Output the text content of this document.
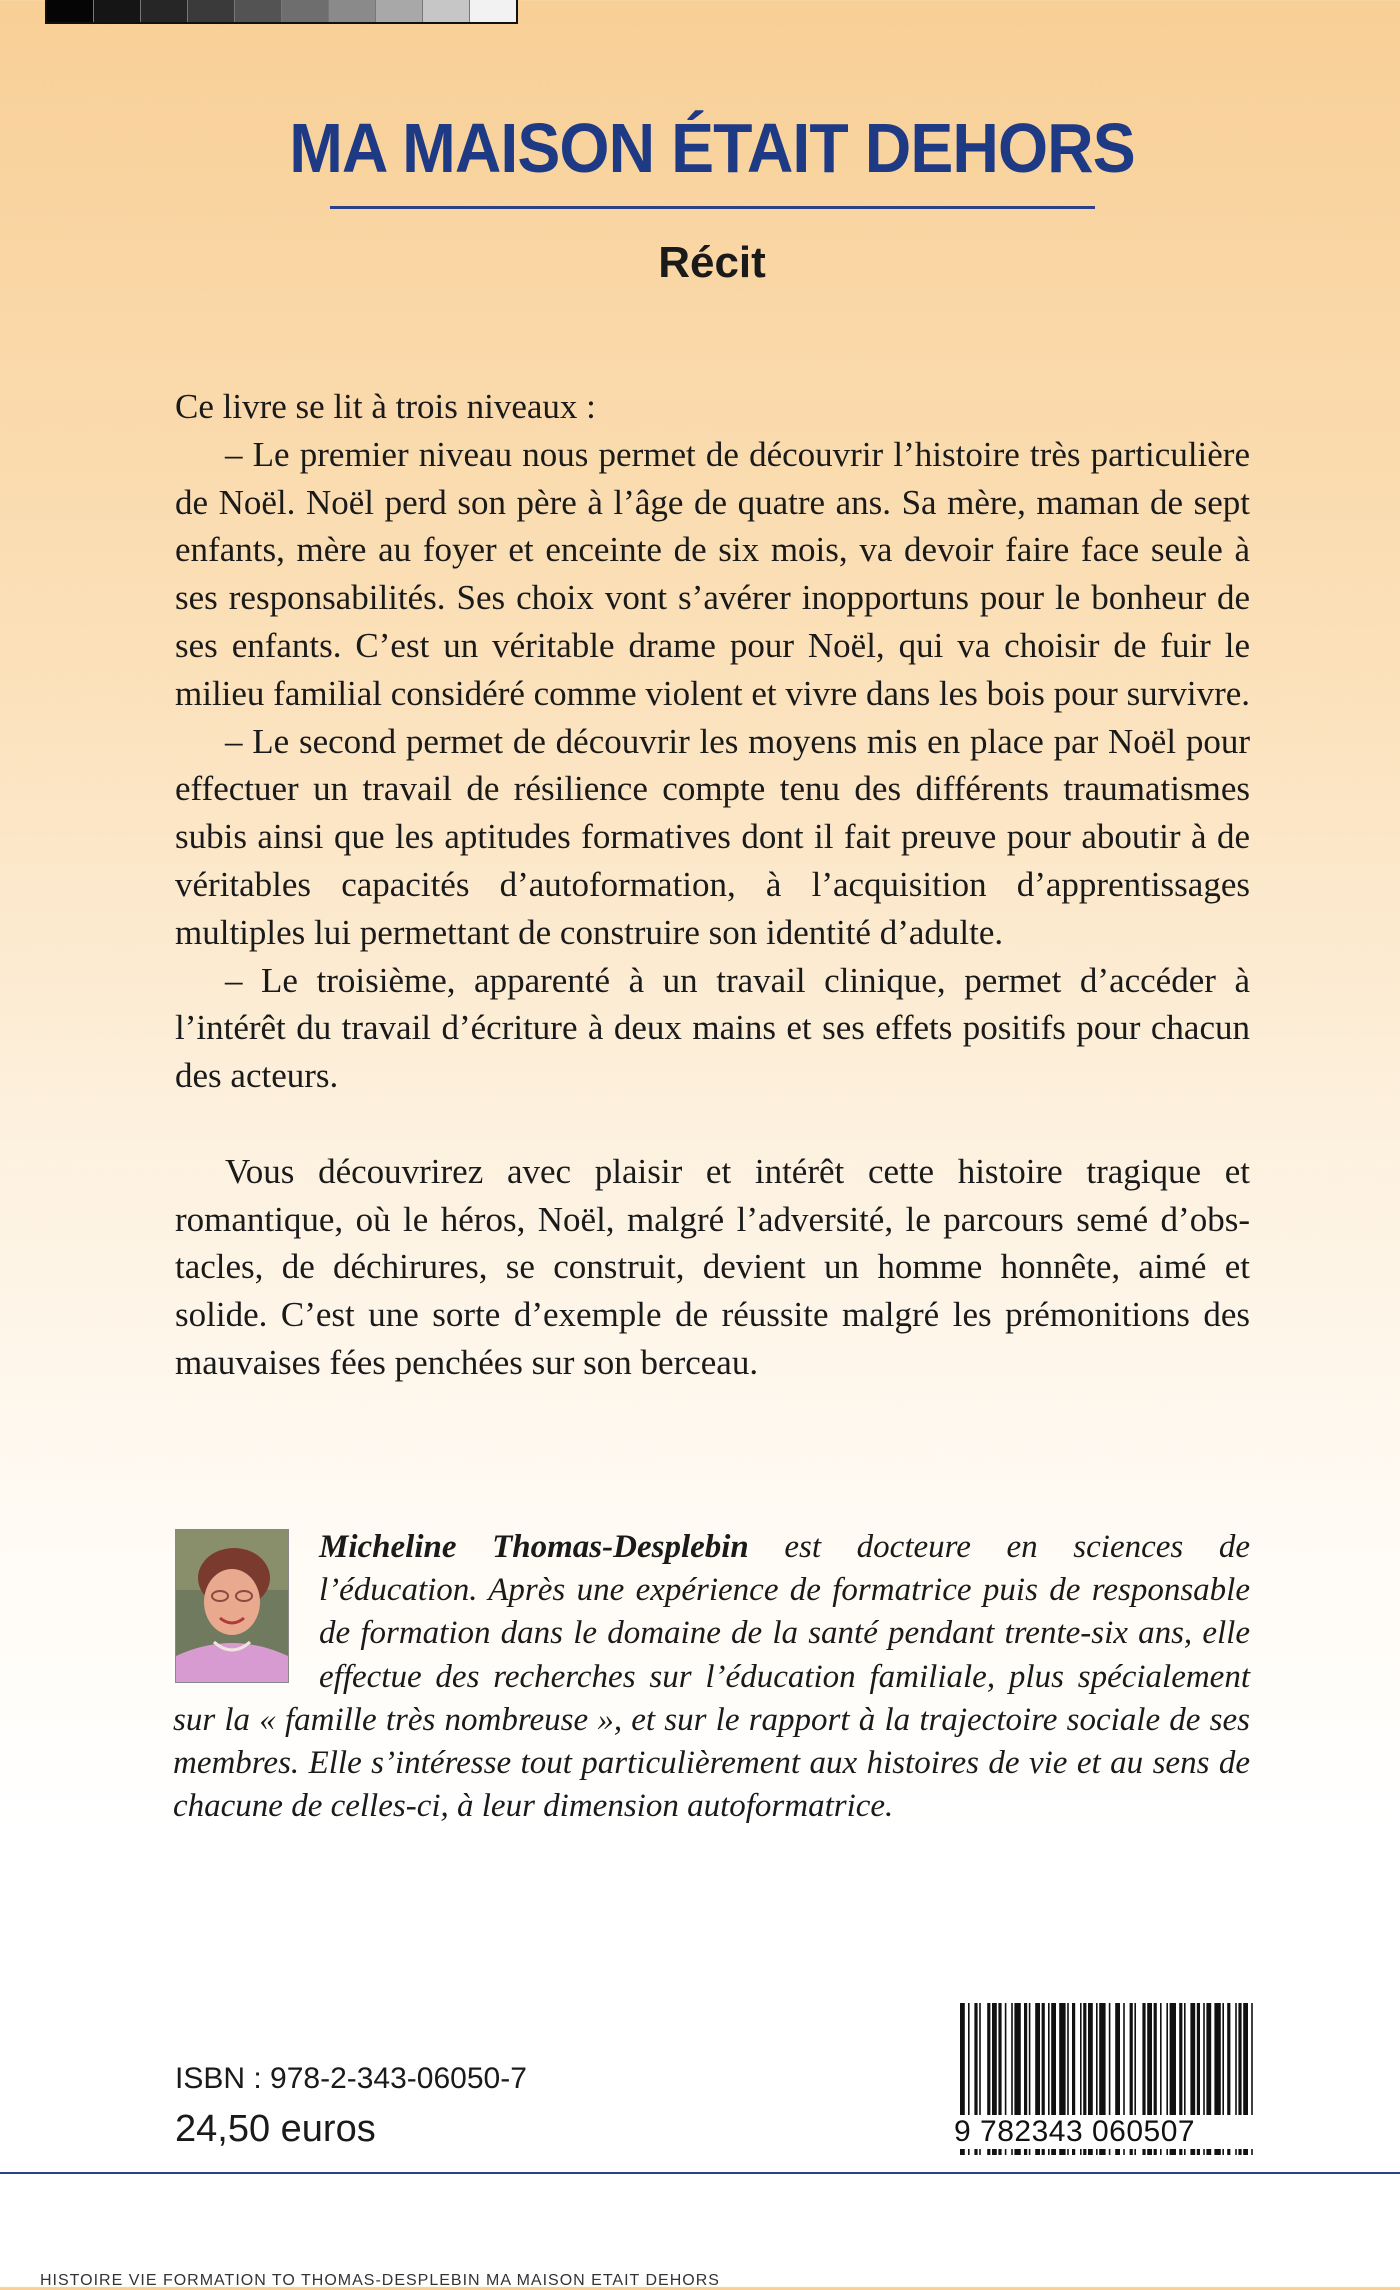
MA MAISON ÉTAIT DEHORS
Récit

Ce livre se lit à trois niveaux :

– Le premier niveau nous permet de découvrir l’histoire très particulière de Noël. Noël perd son père à l’âge de quatre ans. Sa mère, maman de sept enfants, mère au foyer et enceinte de six mois, va devoir faire face seule à ses responsabilités. Ses choix vont s’avérer inopportuns pour le bonheur de ses enfants. C’est un véritable drame pour Noël, qui va choisir de fuir le milieu familial considéré comme violent et vivre dans les bois pour survivre.

– Le second permet de découvrir les moyens mis en place par Noël pour effectuer un travail de résilience compte tenu des différents traumatismes subis ainsi que les aptitudes formatives dont il fait preuve pour aboutir à de véritables capacités d’autoformation, à l’acquisition d’apprentissages multiples lui permettant de construire son identité d’adulte.

– Le troisième, apparenté à un travail clinique, permet d’accéder à l’intérêt du travail d’écriture à deux mains et ses effets positifs pour chacun des acteurs.

Vous découvrirez avec plaisir et intérêt cette histoire tragique et romantique, où le héros, Noël, malgré l’adversité, le parcours semé d’obstacles, de déchirures, se construit, devient un homme honnête, aimé et solide. C’est une sorte d’exemple de réussite malgré les prémonitions des mauvaises fées penchées sur son berceau.

Micheline Thomas-Desplebin est docteure en sciences de l’éducation. Après une expérience de formatrice puis de responsable de formation dans le domaine de la santé pendant trente-six ans, elle effectue des recherches sur l’éducation familiale, plus spécialement sur la « famille très nombreuse », et sur le rapport à la trajectoire sociale de ses membres. Elle s’intéresse tout particulièrement aux histoires de vie et au sens de chacune de celles-ci, à leur dimension autoformatrice.
ISBN : 978-2-343-06050-7
24,50 euros	9 782343 060507
HISTOIRE VIE FORMATION TO THOMAS-DESPLEBIN MA MAISON ETAIT DEHORS
